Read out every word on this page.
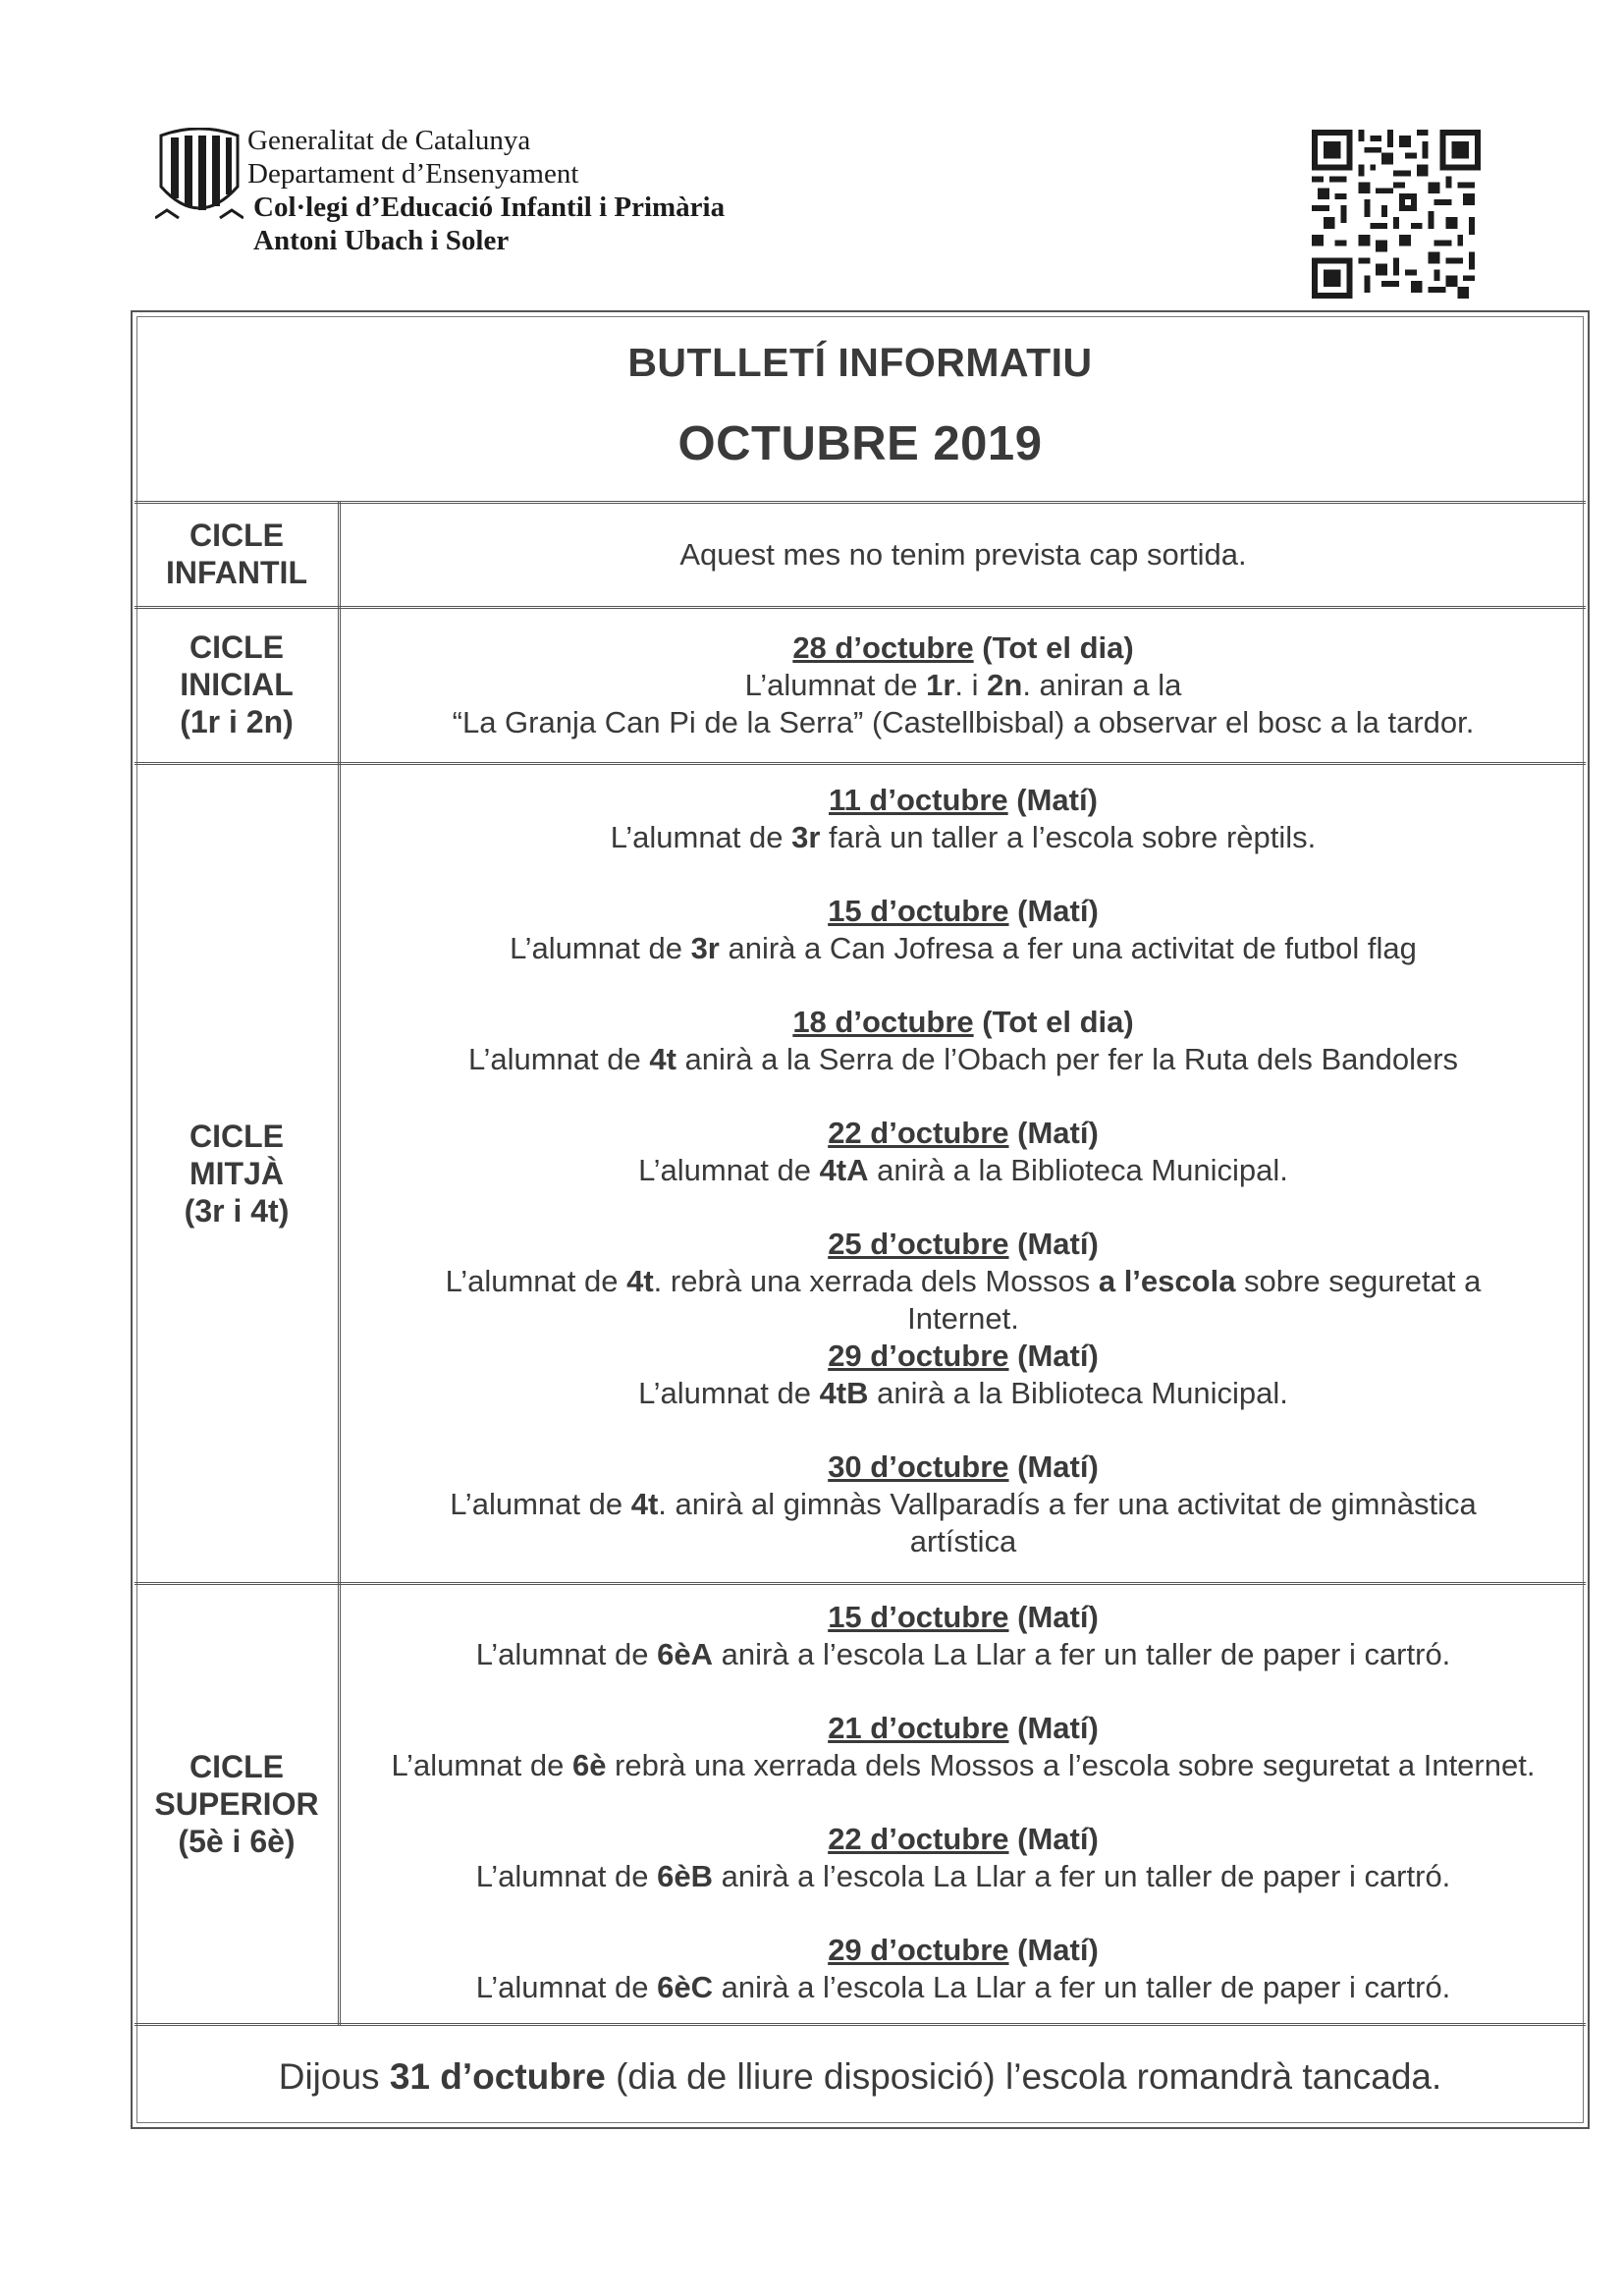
Generalitat de Catalunya
Departament d’Ensenyament
Col·legi d’Educació Infantil i Primària
Antoni Ubach i Soler
BUTLLETÍ INFORMATIU
OCTUBRE 2019
CICLE
INFANTIL
Aquest mes no tenim prevista cap sortida.
CICLE
INICIAL
(1r i 2n)
28 d’octubre (Tot el dia)
L’alumnat de 1r. i 2n. aniran a la
“La Granja Can Pi de la Serra” (Castellbisbal) a observar el bosc a la tardor.
CICLE
MITJÀ
(3r i 4t)
11 d’octubre (Matí)
L’alumnat de 3r farà un taller a l’escola sobre rèptils.
15 d’octubre (Matí)
L’alumnat de 3r anirà a Can Jofresa a fer una activitat de futbol flag
18 d’octubre (Tot el dia)
L’alumnat de 4t anirà a la Serra de l’Obach per fer la Ruta dels Bandolers
22 d’octubre (Matí)
L’alumnat de 4tA anirà a la Biblioteca Municipal.
25 d’octubre (Matí)
L’alumnat de 4t. rebrà una xerrada dels Mossos a l’escola sobre seguretat a
Internet.
29 d’octubre (Matí)
L’alumnat de 4tB anirà a la Biblioteca Municipal.
30 d’octubre (Matí)
L’alumnat de 4t. anirà al gimnàs Vallparadís a fer una activitat de gimnàstica
artística
CICLE
SUPERIOR
(5è i 6è)
15 d’octubre (Matí)
L’alumnat de 6èA anirà a l’escola La Llar a fer un taller de paper i cartró.
21 d’octubre (Matí)
L’alumnat de 6è rebrà una xerrada dels Mossos a l’escola sobre seguretat a Internet.
22 d’octubre (Matí)
L’alumnat de 6èB anirà a l’escola La Llar a fer un taller de paper i cartró.
29 d’octubre (Matí)
L’alumnat de 6èC anirà a l’escola La Llar a fer un taller de paper i cartró.
Dijous 31 d’octubre (dia de lliure disposició) l’escola romandrà tancada.
